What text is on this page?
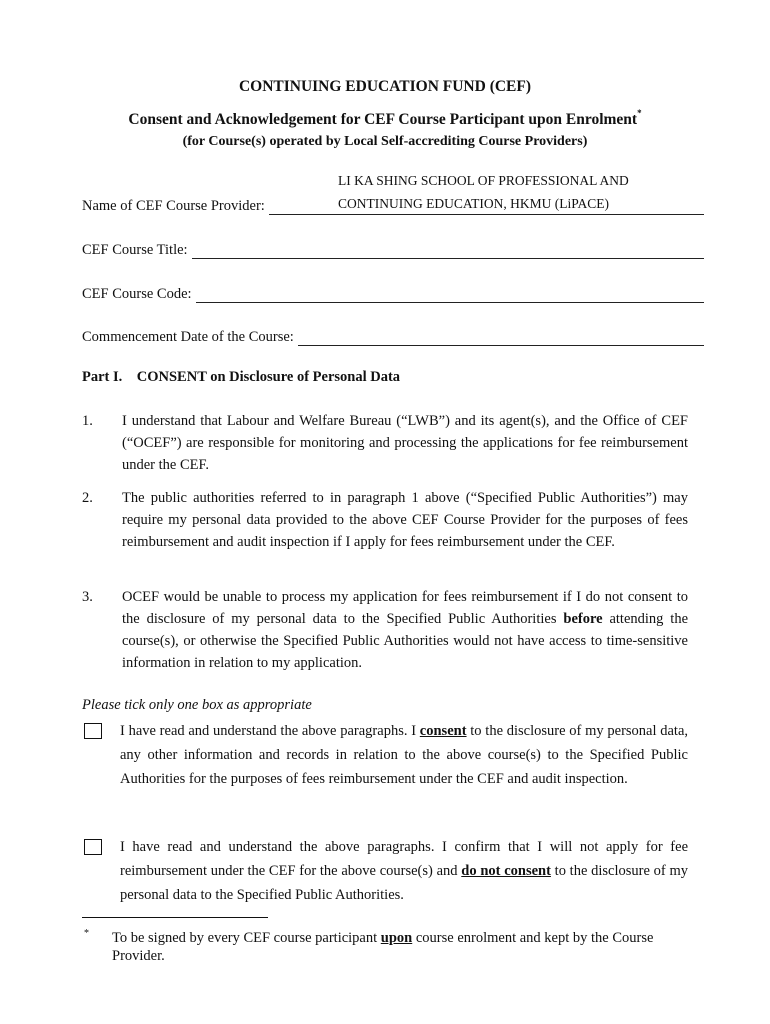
CONTINUING EDUCATION FUND (CEF)
Consent and Acknowledgement for CEF Course Participant upon Enrolment*
(for Course(s) operated by Local Self-accrediting Course Providers)
LI KA SHING SCHOOL OF PROFESSIONAL AND
CONTINUING EDUCATION, HKMU (LiPACE)
Name of CEF Course Provider:
CEF Course Title:
CEF Course Code:
Commencement Date of the Course:
Part I.    CONSENT on Disclosure of Personal Data
1. I understand that Labour and Welfare Bureau (“LWB”) and its agent(s), and the Office of CEF (“OCEF”) are responsible for monitoring and processing the applications for fee reimbursement under the CEF.
2. The public authorities referred to in paragraph 1 above (“Specified Public Authorities”) may require my personal data provided to the above CEF Course Provider for the purposes of fees reimbursement and audit inspection if I apply for fees reimbursement under the CEF.
3. OCEF would be unable to process my application for fees reimbursement if I do not consent to the disclosure of my personal data to the Specified Public Authorities before attending the course(s), or otherwise the Specified Public Authorities would not have access to time-sensitive information in relation to my application.
Please tick only one box as appropriate
I have read and understand the above paragraphs. I consent to the disclosure of my personal data, any other information and records in relation to the above course(s) to the Specified Public Authorities for the purposes of fees reimbursement under the CEF and audit inspection.
I have read and understand the above paragraphs. I confirm that I will not apply for fee reimbursement under the CEF for the above course(s) and do not consent to the disclosure of my personal data to the Specified Public Authorities.
* To be signed by every CEF course participant upon course enrolment and kept by the Course Provider.
